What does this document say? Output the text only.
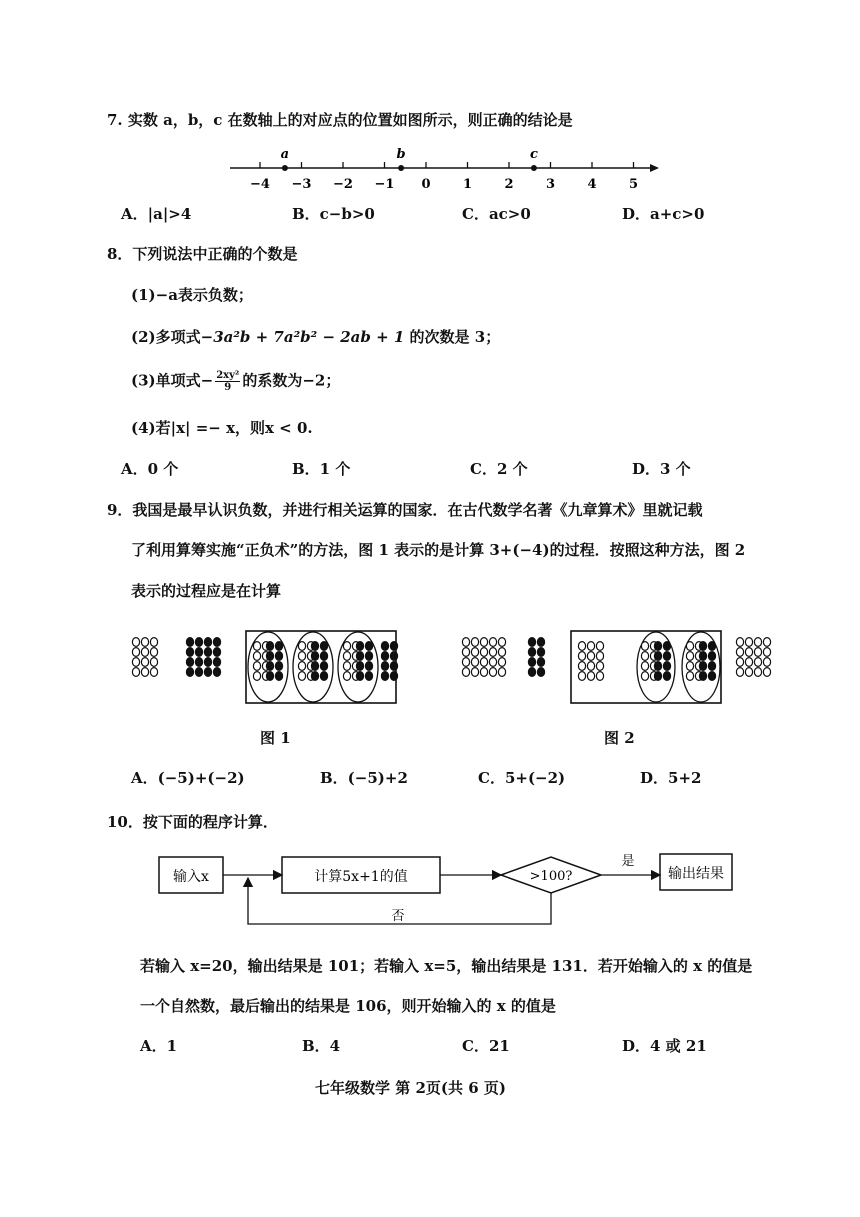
7. 实数 a，b，c 在数轴上的对应点的位置如图所示，则正确的结论是
−4 −3 −2 −1 0 1 2 3 4 5
a	b	c
A．|a|>4	B．c−b>0	C．ac>0	D．a+c>0
8．下列说法中正确的个数是
(1)−a表示负数；
(2)多项式−3a²b + 7a²b² − 2ab + 1 的次数是 3；
(3)单项式− $\frac{\text{2xy²}}{9}$ 的系数为−2；
(4)若|x| =− x，则x < 0.
A．0 个	B．1 个	C．2 个	D．3 个
9．我国是最早认识负数，并进行相关运算的国家．在古代数学名著《九章算术》里就记载
了利用算筹实施“正负术”的方法，图 1 表示的是计算 3+(−4)的过程．按照这种方法，图 2
表示的过程应是在计算
图 1	图 2
A．(−5)+(−2)	B．(−5)+2	C．5+(−2)	D．5+2
10．按下面的程序计算．
输入x	计算5x+1的值	>100?
是
输出结果
否
若输入 x=20，输出结果是 101；若输入 x=5，输出结果是 131．若开始输入的 x 的值是
一个自然数，最后输出的结果是 106，则开始输入的 x 的值是
A．1	B．4	C．21	D．4 或 21
七年级数学 第 2页(共 6 页)
